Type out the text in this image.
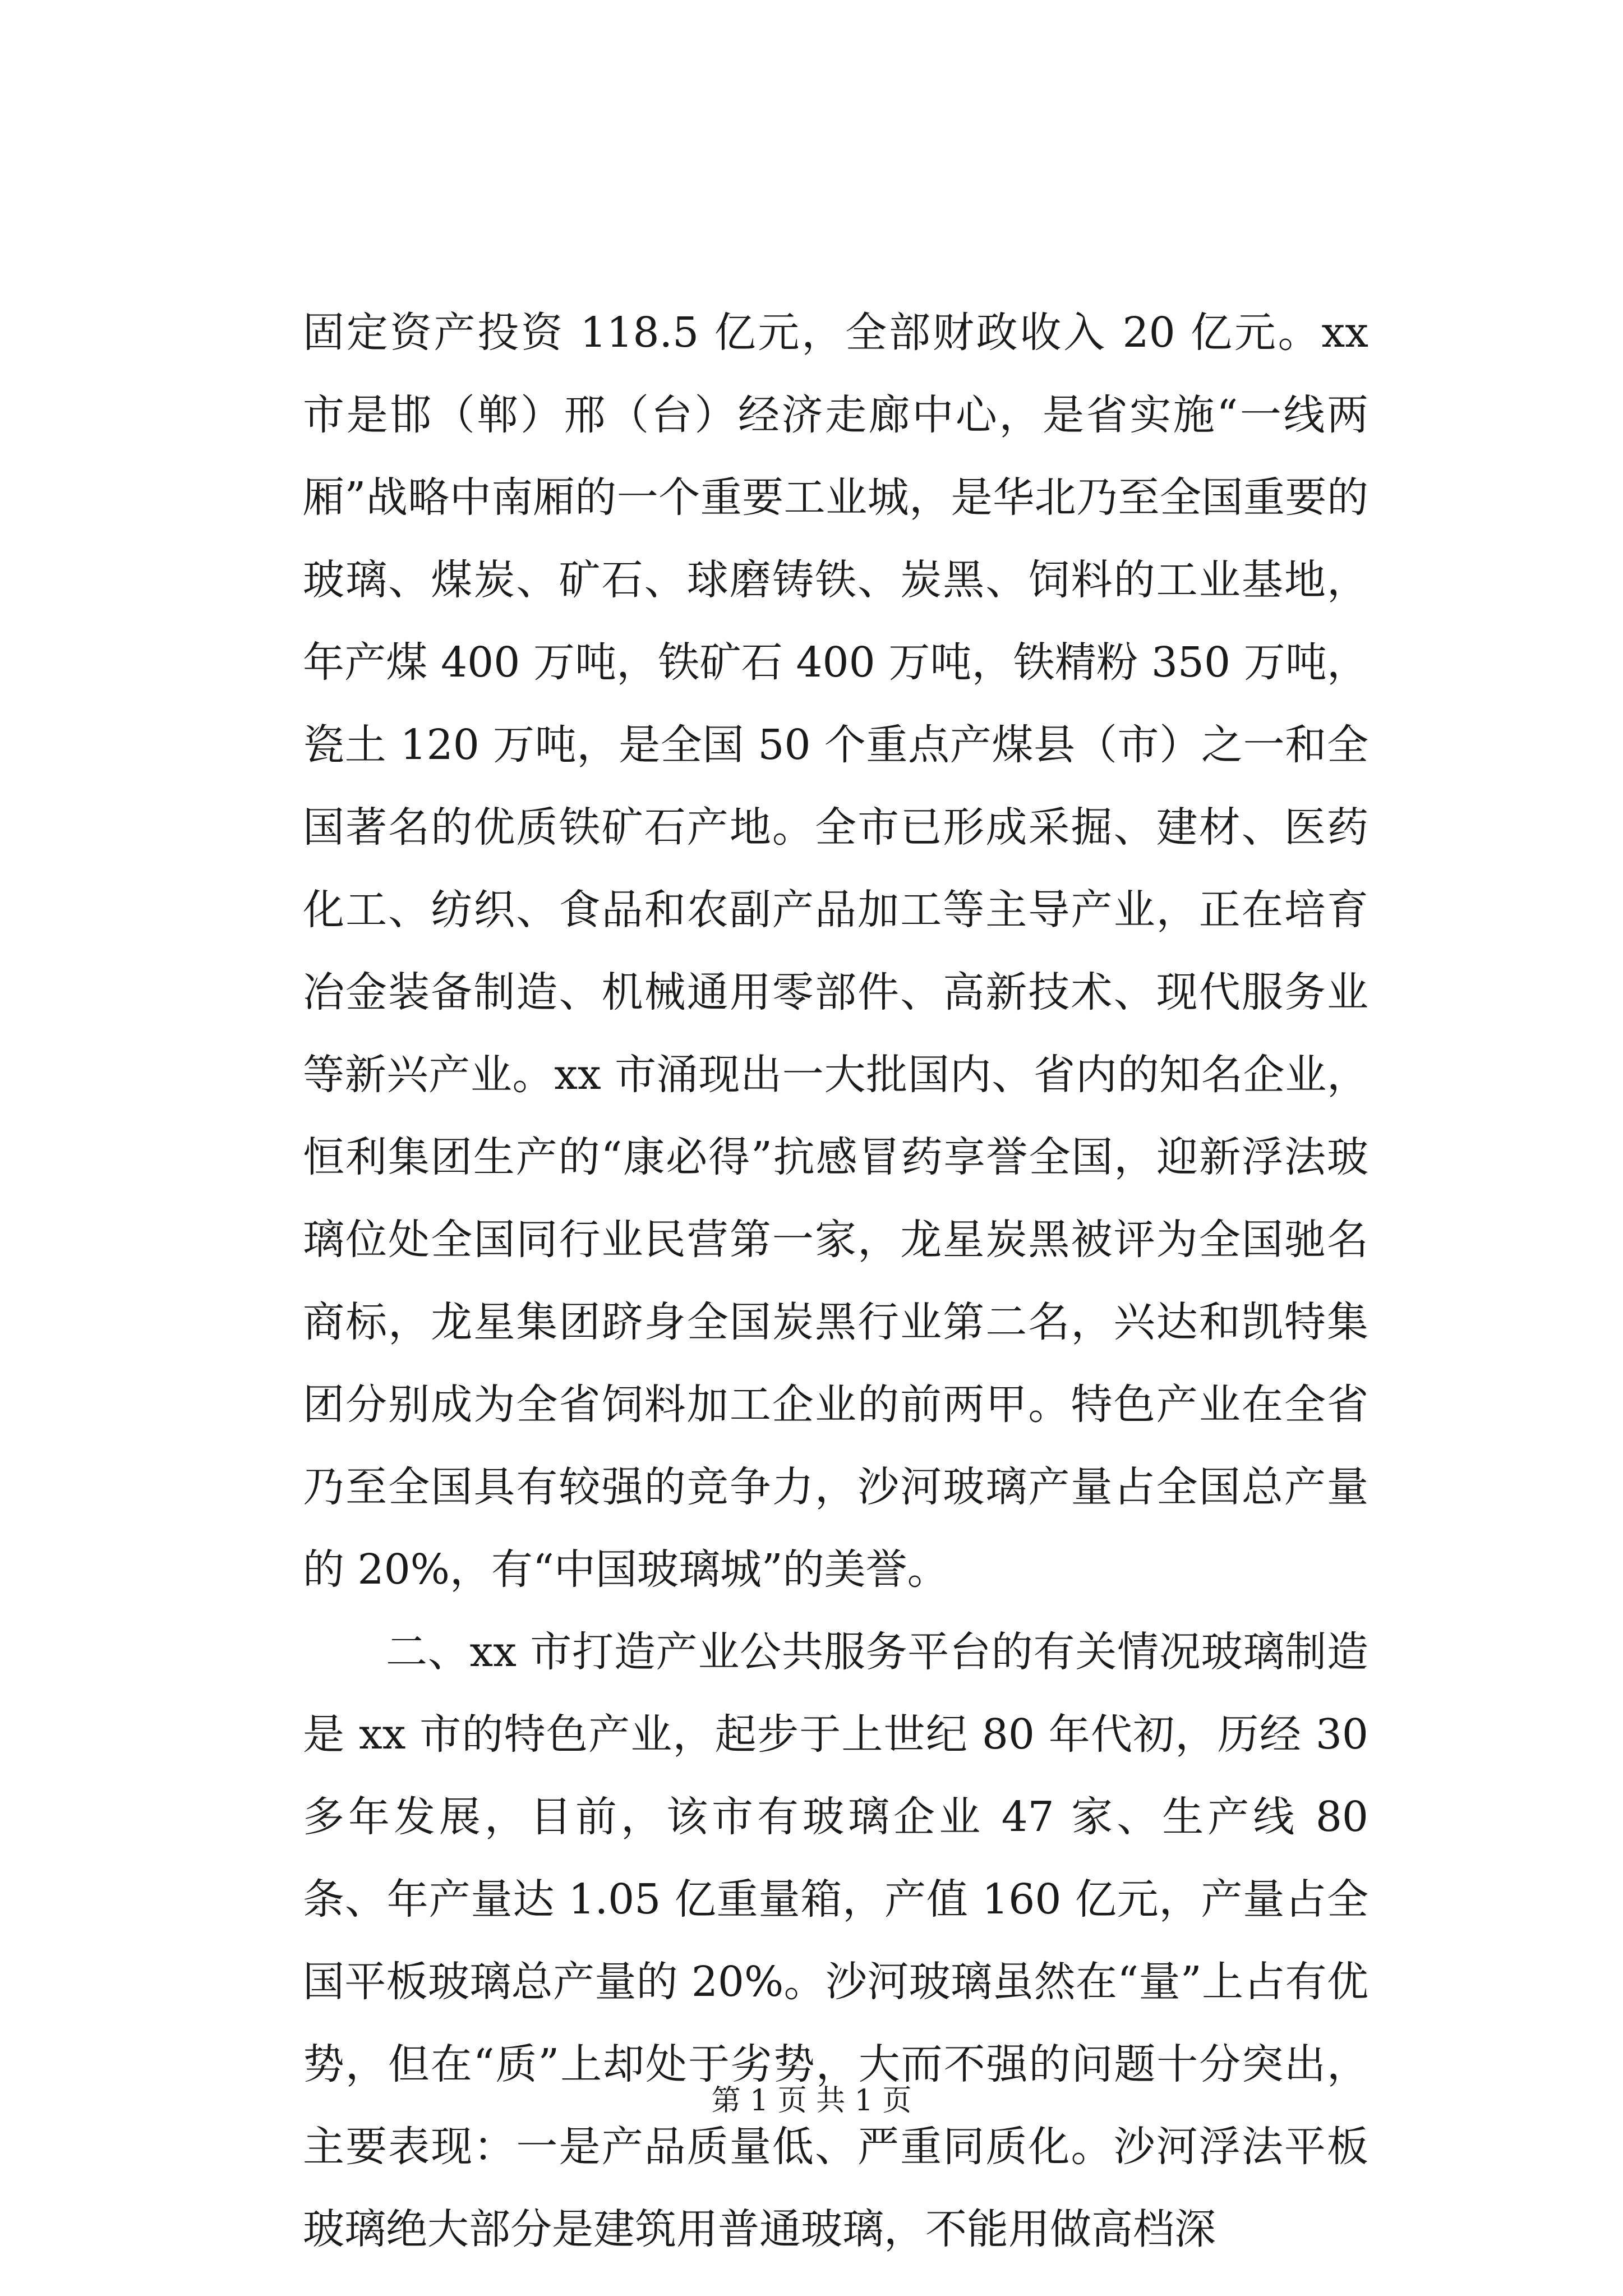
固定资产投资 118.5 亿元，全部财政收入 20 亿元。xx 市是邯（郸）邢（台）经济走廊中心，是省实施“一线两厢”战略中南厢的一个重要工业城，是华北乃至全国重要的玻璃、煤炭、矿石、球磨铸铁、炭黑、饲料的工业基地，年产煤 400 万吨，铁矿石 400 万吨，铁精粉 350 万吨，瓷土 120 万吨，是全国 50 个重点产煤县（市）之一和全国著名的优质铁矿石产地。全市已形成采掘、建材、医药化工、纺织、食品和农副产品加工等主导产业，正在培育冶金装备制造、机械通用零部件、高新技术、现代服务业等新兴产业。xx 市涌现出一大批国内、省内的知名企业，恒利集团生产的“康必得”抗感冒药享誉全国，迎新浮法玻璃位处全国同行业民营第一家，龙星炭黑被评为全国驰名商标，龙星集团跻身全国炭黑行业第二名，兴达和凯特集团分别成为全省饲料加工企业的前两甲。特色产业在全省乃至全国具有较强的竞争力，沙河玻璃产量占全国总产量的 20%，有“中国玻璃城”的美誉。

二、xx 市打造产业公共服务平台的有关情况玻璃制造是 xx 市的特色产业，起步于上世纪 80 年代初，历经 30 多年发展，目前，该市有玻璃企业 47 家、生产线 80 条、年产量达 1.05 亿重量箱，产值 160 亿元，产量占全国平板玻璃总产量的 20%。沙河玻璃虽然在“量”上占有优势，但在“质”上却处于劣势，大而不强的问题十分突出，主要表现：一是产品质量低、严重同质化。沙河浮法平板玻璃绝大部分是建筑用普通玻璃，不能用做高档深

第 1 页 共 1 页
